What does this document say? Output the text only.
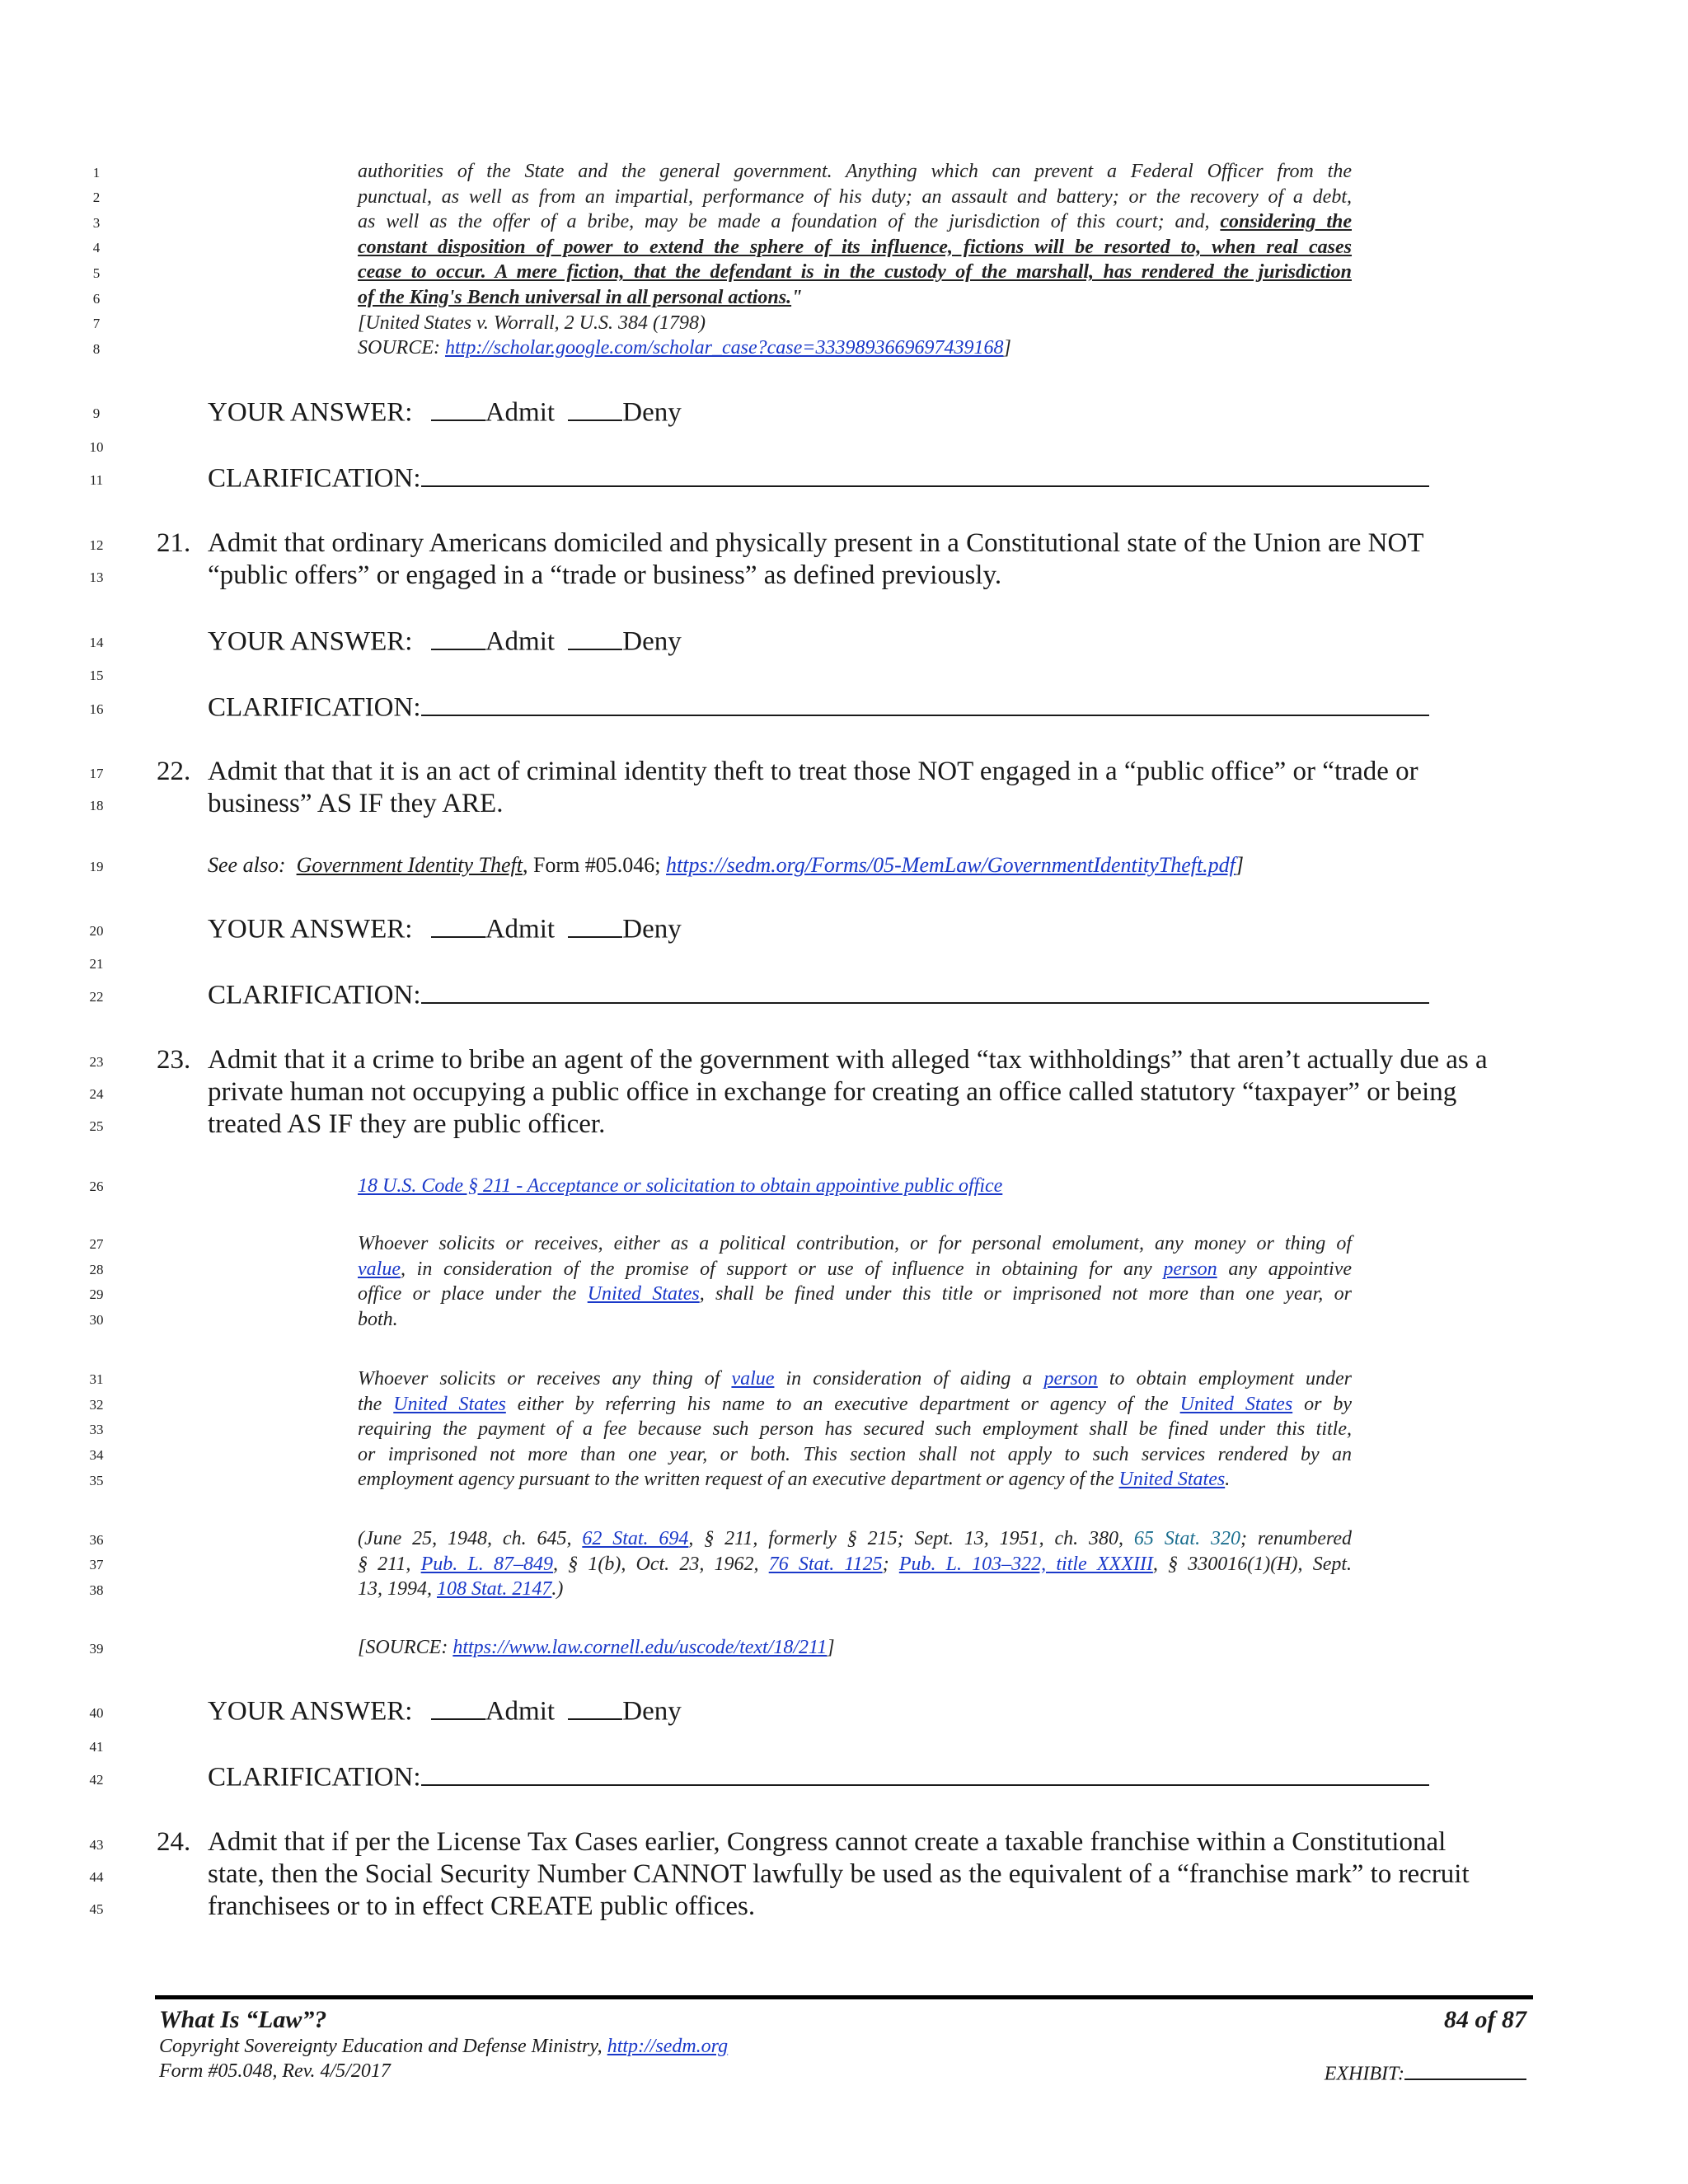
1
2
3
4
5
6
7
8
9
10
11
12
13
14
15
16
17
18
19
20
21
22
23
24
25
26
27
28
29
30
31
32
33
34
35
36
37
38
39
40
41
42
43
44
45
authorities of the State and the general government. Anything which can prevent a Federal Officer from the
punctual, as well as from an impartial, performance of his duty; an assault and battery; or the recovery of a debt,
as well as the offer of a bribe, may be made a foundation of the jurisdiction of this court; and, considering the
constant disposition of power to extend the sphere of its influence, fictions will be resorted to, when real cases
cease to occur. A mere fiction, that the defendant is in the custody of the marshall, has rendered the jurisdiction
of the King's Bench universal in all personal actions."
[United States v. Worrall, 2 U.S. 384 (1798)
SOURCE: http://scholar.google.com/scholar_case?case=3339893669697439168]
YOUR ANSWER:	Admit Deny
CLARIFICATION:
21. Admit that ordinary Americans domiciled and physically present in a Constitutional state of the Union are NOT
“public offers” or engaged in a “trade or business” as defined previously.
YOUR ANSWER:	Admit Deny
CLARIFICATION:
22. Admit that that it is an act of criminal identity theft to treat those NOT engaged in a “public office” or “trade or
business” AS IF they ARE.
See also: Government Identity Theft, Form #05.046; https://sedm.org/Forms/05-MemLaw/GovernmentIdentityTheft.pdf]
YOUR ANSWER:	Admit Deny
CLARIFICATION:
23. Admit that it a crime to bribe an agent of the government with alleged “tax withholdings” that aren’t actually due as a
private human not occupying a public office in exchange for creating an office called statutory “taxpayer” or being
treated AS IF they are public officer.
18 U.S. Code § 211 - Acceptance or solicitation to obtain appointive public office
Whoever solicits or receives, either as a political contribution, or for personal emolument, any money or thing of
value, in consideration of the promise of support or use of influence in obtaining for any person any appointive
office or place under the United States, shall be fined under this title or imprisoned not more than one year, or
both.
Whoever solicits or receives any thing of value in consideration of aiding a person to obtain employment under
the United States either by referring his name to an executive department or agency of the United States or by
requiring the payment of a fee because such person has secured such employment shall be fined under this title,
or imprisoned not more than one year, or both. This section shall not apply to such services rendered by an
employment agency pursuant to the written request of an executive department or agency of the United States.
(June 25, 1948, ch. 645, 62 Stat. 694, § 211, formerly § 215; Sept. 13, 1951, ch. 380, 65 Stat. 320; renumbered
§ 211, Pub. L. 87–849, § 1(b), Oct. 23, 1962, 76 Stat. 1125; Pub. L. 103–322, title XXXIII, § 330016(1)(H), Sept.
13, 1994, 108 Stat. 2147.)
[SOURCE: https://www.law.cornell.edu/uscode/text/18/211]
YOUR ANSWER:	Admit Deny
CLARIFICATION:
24. Admit that if per the License Tax Cases earlier, Congress cannot create a taxable franchise within a Constitutional
state, then the Social Security Number CANNOT lawfully be used as the equivalent of a “franchise mark” to recruit
franchisees or to in effect CREATE public offices.
What Is “Law”?	84 of 87
Copyright Sovereignty Education and Defense Ministry, http://sedm.org
Form #05.048, Rev. 4/5/2017	EXHIBIT:
